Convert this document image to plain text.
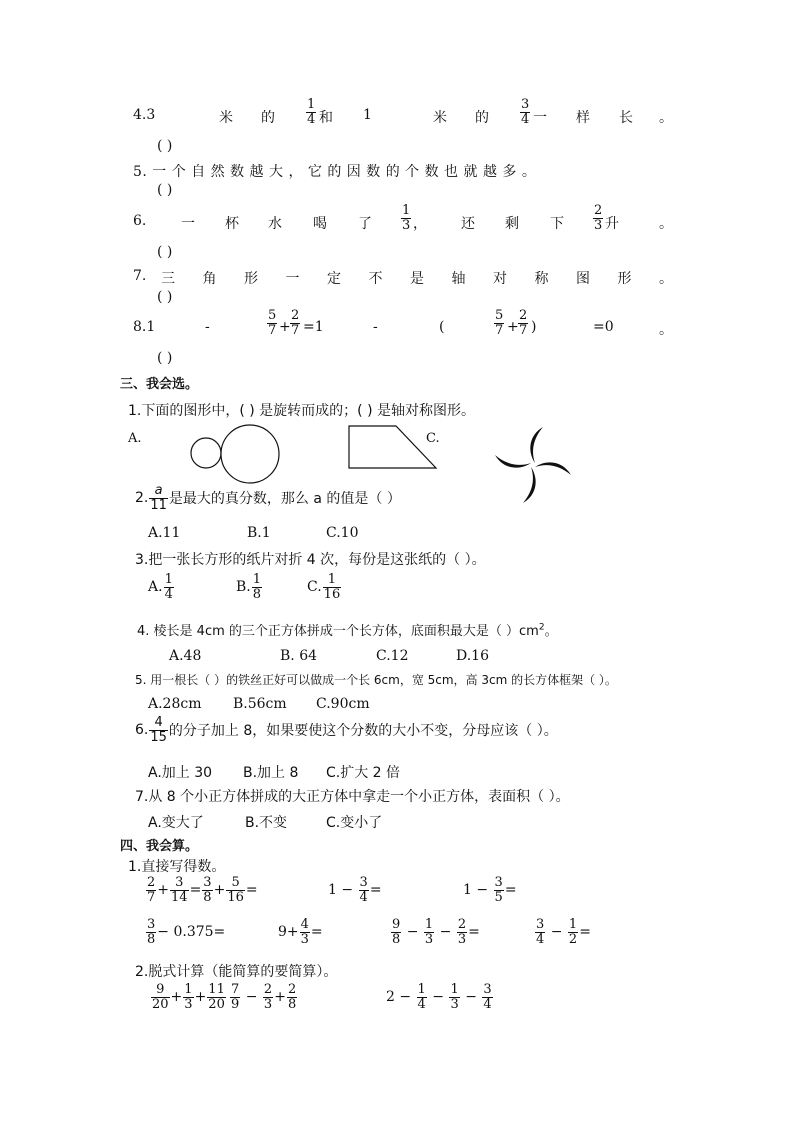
4.3	米 的 $\frac{1}{4}$ 和 1	米 的 $\frac{3}{4}$ 一 样 长 。
( )
5. 一 个 自 然 数 越 大 ， 它 的 因 数 的 个 数 也 就 越 多 。
( )
6. 一 杯 水 喝 了 $\frac{1}{3}$ ， 还 剩 下 $\frac{2}{3}$ 升	。
( )
7. 三 角 形 一 定 不 是 轴 对 称 图 形 。
( )
8.1	-	$\frac{5}{7} + \frac{2}{7} =1$	-	(	$\frac{5}{7} + \frac{2}{7}$ )	=0	。
( )
三、我会选。
1.下面的图形中，( ) 是旋转而成的；( ) 是轴对称图形。
A.	C.
2. $\frac{a}{11}$ 是最大的真分数，那么 a 的值是（ ）
A.11	B.1	C.10
3.把一张长方形的纸片对折 4 次，每份是这张纸的（ ）。
A. $\frac{1}{4}$	B. $\frac{1}{8}$	C. $\frac{1}{16}$
4. 棱长是 4cm 的三个正方体拼成一个长方体，底面积最大是（ ）$cm^2$。
A.48	B. 64	C.12	D.16
5. 用一根长（ ）的铁丝正好可以做成一个长 6cm，宽 5cm，高 3cm 的长方体框架（ ）。
A.28cm B.56cm C.90cm
6. $\frac{4}{15}$ 的分子加上 8，如果要使这个分数的大小不变，分母应该（ ）。
A.加上 30 B.加上 8 C.扩大 2 倍
7.从 8 个小正方体拼成的大正方体中拿走一个小正方体，表面积（ ）。
A.变大了	B.不变	C.变小了
四、我会算。
1.直接写得数。
$\frac{2}{7} + \frac{3}{14} = \frac{3}{8} + \frac{5}{16}$ =	$1 - \frac{3}{4}$ =	$1 - \frac{3}{5}$ =
$\frac{3}{8} - 0.375=$	$9+ \frac{4}{3}$ =	$\frac{9}{8} - \frac{1}{3} - \frac{2}{3}$ =	$\frac{3}{4} - \frac{1}{2}$ =
2.脱式计算（能简算的要简算）。
$\frac{9}{20} + \frac{1}{3} + \frac{11}{20} \frac{7}{9} - \frac{2}{3} + \frac{2}{8}$	$2 - \frac{1}{4} - \frac{1}{3} - \frac{3}{4}$
